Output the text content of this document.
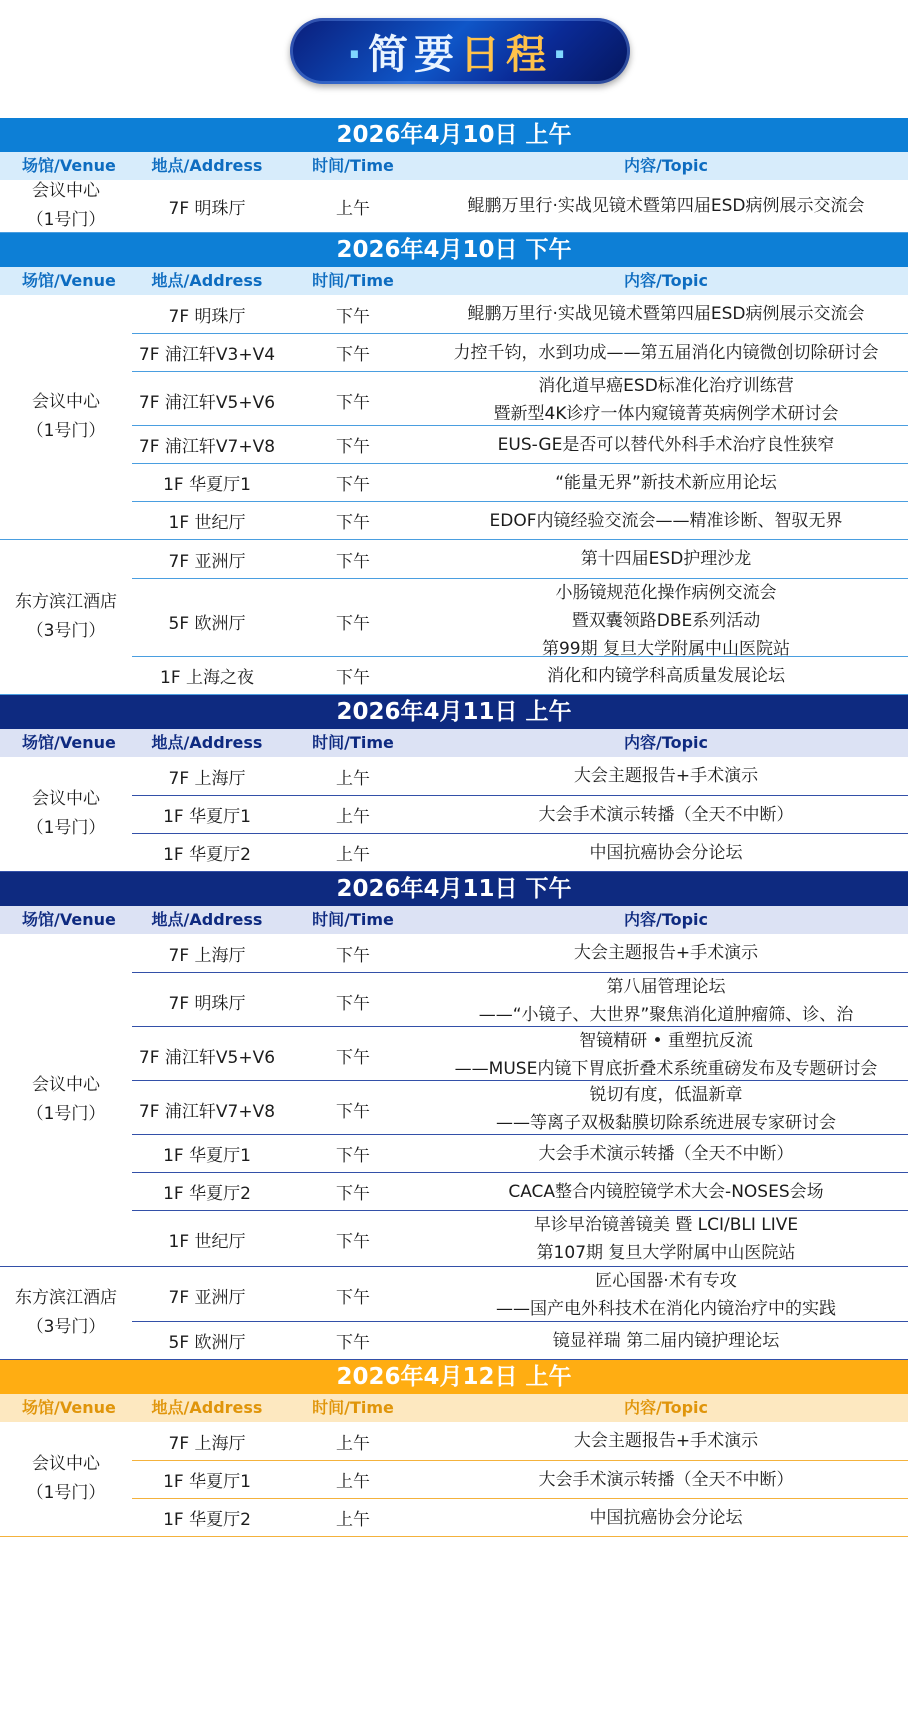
·简要日程·
2026年4月10日 上午
场馆/Venue	地点/Address	时间/Time	内容/Topic
会议中心
（1号门）
7F 明珠厅	上午	鲲鹏万里行·实战见镜术暨第四届ESD病例展示交流会
2026年4月10日 下午
场馆/Venue	地点/Address	时间/Time	内容/Topic
会议中心
（1号门）
7F 明珠厅	下午	鲲鹏万里行·实战见镜术暨第四届ESD病例展示交流会
7F 浦江轩V3+V4	下午	力控千钧，水到功成——第五届消化内镜微创切除研讨会
7F 浦江轩V5+V6	下午
消化道早癌ESD标准化治疗训练营
暨新型4K诊疗一体内窥镜菁英病例学术研讨会
7F 浦江轩V7+V8	下午	EUS-GE是否可以替代外科手术治疗良性狭窄
1F 华夏厅1	下午	“能量无界”新技术新应用论坛
1F 世纪厅	下午	EDOF内镜经验交流会——精准诊断、智驭无界
东方滨江酒店
（3号门）
7F 亚洲厅	下午	第十四届ESD护理沙龙
5F 欧洲厅	下午
小肠镜规范化操作病例交流会
暨双囊领路DBE系列活动
第99期 复旦大学附属中山医院站
1F 上海之夜	下午	消化和内镜学科高质量发展论坛
2026年4月11日 上午
场馆/Venue	地点/Address	时间/Time	内容/Topic
会议中心
（1号门）
7F 上海厅	上午	大会主题报告+手术演示
1F 华夏厅1	上午	大会手术演示转播（全天不中断）
1F 华夏厅2	上午	中国抗癌协会分论坛
2026年4月11日 下午
场馆/Venue	地点/Address	时间/Time	内容/Topic
会议中心
（1号门）
7F 上海厅	下午	大会主题报告+手术演示
7F 明珠厅	下午
第八届管理论坛
——“小镜子、大世界”聚焦消化道肿瘤筛、诊、治
7F 浦江轩V5+V6	下午
智镜精研 • 重塑抗反流
——MUSE内镜下胃底折叠术系统重磅发布及专题研讨会
7F 浦江轩V7+V8	下午
锐切有度，低温新章
——等离子双极黏膜切除系统进展专家研讨会
1F 华夏厅1	下午	大会手术演示转播（全天不中断）
1F 华夏厅2	下午	CACA整合内镜腔镜学术大会-NOSES会场
1F 世纪厅	下午
早诊早治镜善镜美 暨 LCI/BLI LIVE
第107期 复旦大学附属中山医院站
东方滨江酒店
（3号门）
7F 亚洲厅	下午
匠心国器·术有专攻
——国产电外科技术在消化内镜治疗中的实践
5F 欧洲厅	下午	镜显祥瑞 第二届内镜护理论坛
2026年4月12日 上午
场馆/Venue	地点/Address	时间/Time	内容/Topic
会议中心
（1号门）
7F 上海厅	上午	大会主题报告+手术演示
1F 华夏厅1	上午	大会手术演示转播（全天不中断）
1F 华夏厅2	上午	中国抗癌协会分论坛
